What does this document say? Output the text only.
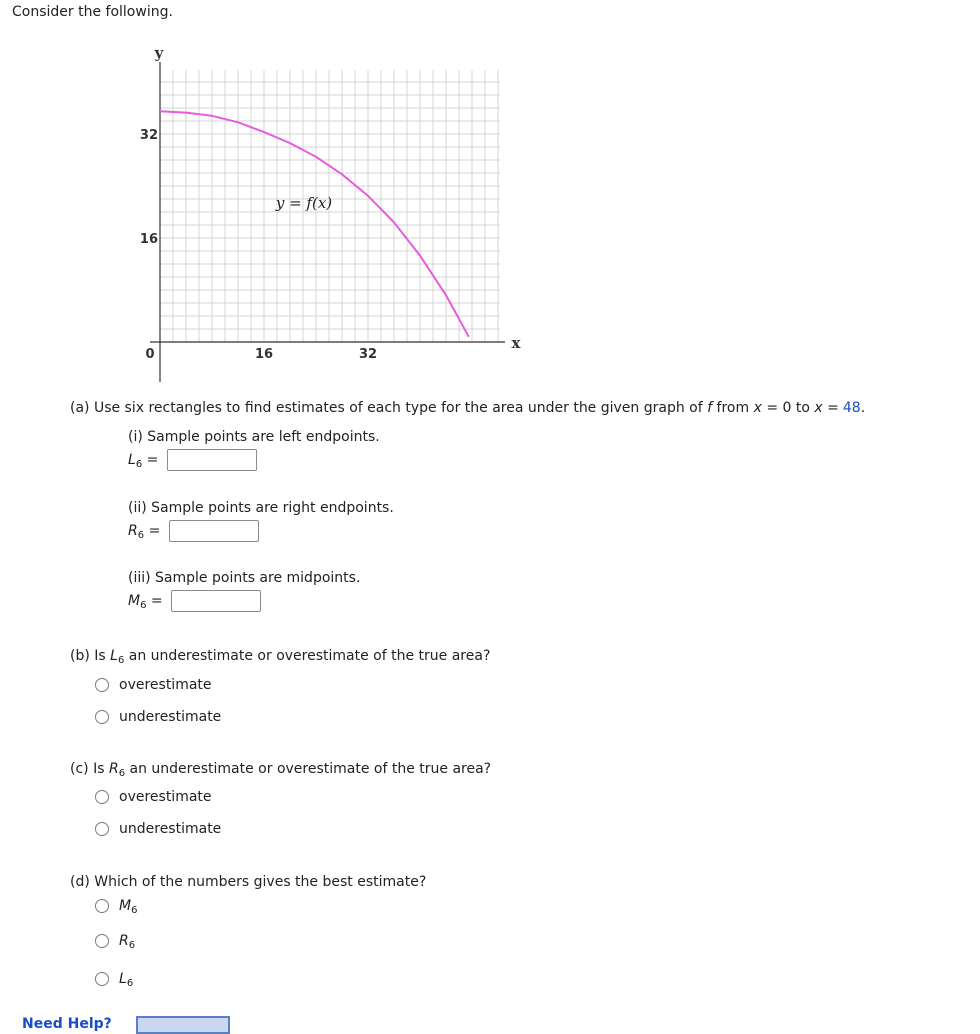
Consider the following.
y
x
0	16	32
32
16
y = f(x)
(a) Use six rectangles to find estimates of each type for the area under the given graph of f from x = 0 to x = 48.
(i) Sample points are left endpoints.
$L_6$ =
(ii) Sample points are right endpoints.
$R_6$ =
(iii) Sample points are midpoints.
$M_6$ =
(b) Is $L_6$ an underestimate or overestimate of the true area?
overestimate
underestimate
(c) Is $R_6$ an underestimate or overestimate of the true area?
overestimate
underestimate
(d) Which of the numbers gives the best estimate?
$M_6$
$R_6$
$L_6$
Need Help?
